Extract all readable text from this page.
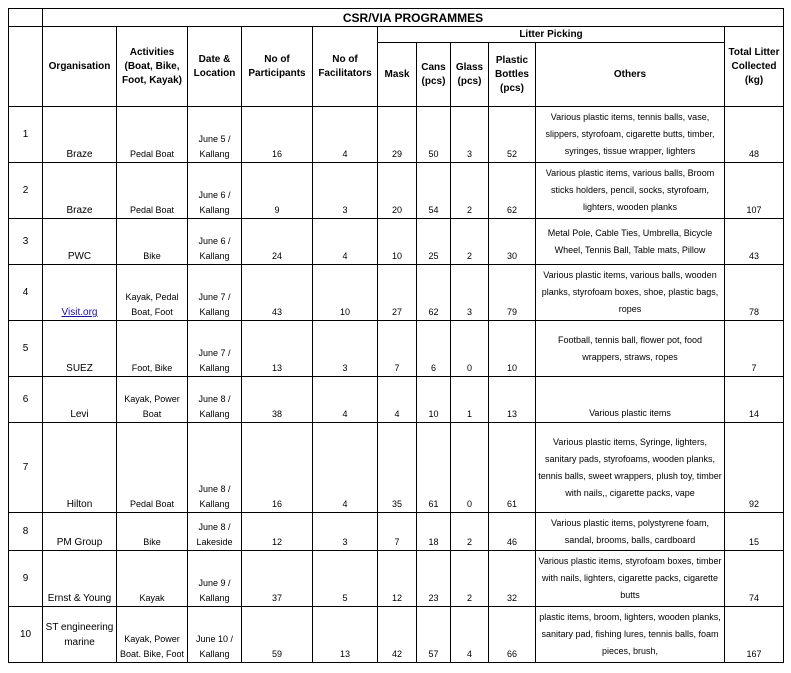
	CSR/VIA PROGRAMMES										
	Organisation	Activities (Boat, Bike, Foot, Kayak)	Date & Location	No of Participants	No of Facilitators	Litter Picking					Total Litter Collected (kg)
						Mask	Cans (pcs)	Glass (pcs)	Plastic Bottles (pcs)	Others	
1	Braze	Pedal Boat	June 5 / Kallang	16	4	29	50	3	52	Various plastic items, tennis balls, vase, slippers, styrofoam, cigarette butts, timber, syringes, tissue wrapper, lighters	48
2	Braze	Pedal Boat	June 6 / Kallang	9	3	20	54	2	62	Various plastic items, various balls, Broom sticks holders, pencil, socks, styrofoam, lighters, wooden planks	107
3	PWC	Bike	June 6 / Kallang	24	4	10	25	2	30	Metal Pole, Cable Ties, Umbrella, Bicycle Wheel, Tennis Ball, Table mats, Pillow	43
4	Visit.org	Kayak, Pedal Boat, Foot	June 7 / Kallang	43	10	27	62	3	79	Various plastic items, various balls, wooden planks, styrofoam boxes, shoe, plastic bags, ropes	78
5	SUEZ	Foot, Bike	June 7 / Kallang	13	3	7	6	0	10	Football, tennis ball, flower pot, food wrappers, straws, ropes	7
6	Levi	Kayak, Power Boat	June 8 / Kallang	38	4	4	10	1	13	Various plastic items	14
7	Hilton	Pedal Boat	June 8 / Kallang	16	4	35	61	0	61	Various plastic items, Syringe, lighters, sanitary pads, styrofoams, wooden planks, tennis balls, sweet wrappers, plush toy, timber with nails,, cigarette packs, vape	92
8	PM Group	Bike	June 8 / Lakeside	12	3	7	18	2	46	Various plastic items, polystyrene foam, sandal, brooms, balls, cardboard	15
9	Ernst & Young	Kayak	June 9 / Kallang	37	5	12	23	2	32	Various plastic items, styrofoam boxes, timber with nails, lighters, cigarette packs, cigarette butts	74
10	ST engineering marine	Kayak, Power Boat. Bike, Foot	June 10 / Kallang	59	13	42	57	4	66	plastic items, broom, lighters, wooden planks, sanitary pad, fishing lures, tennis balls, foam pieces, brush,	167
